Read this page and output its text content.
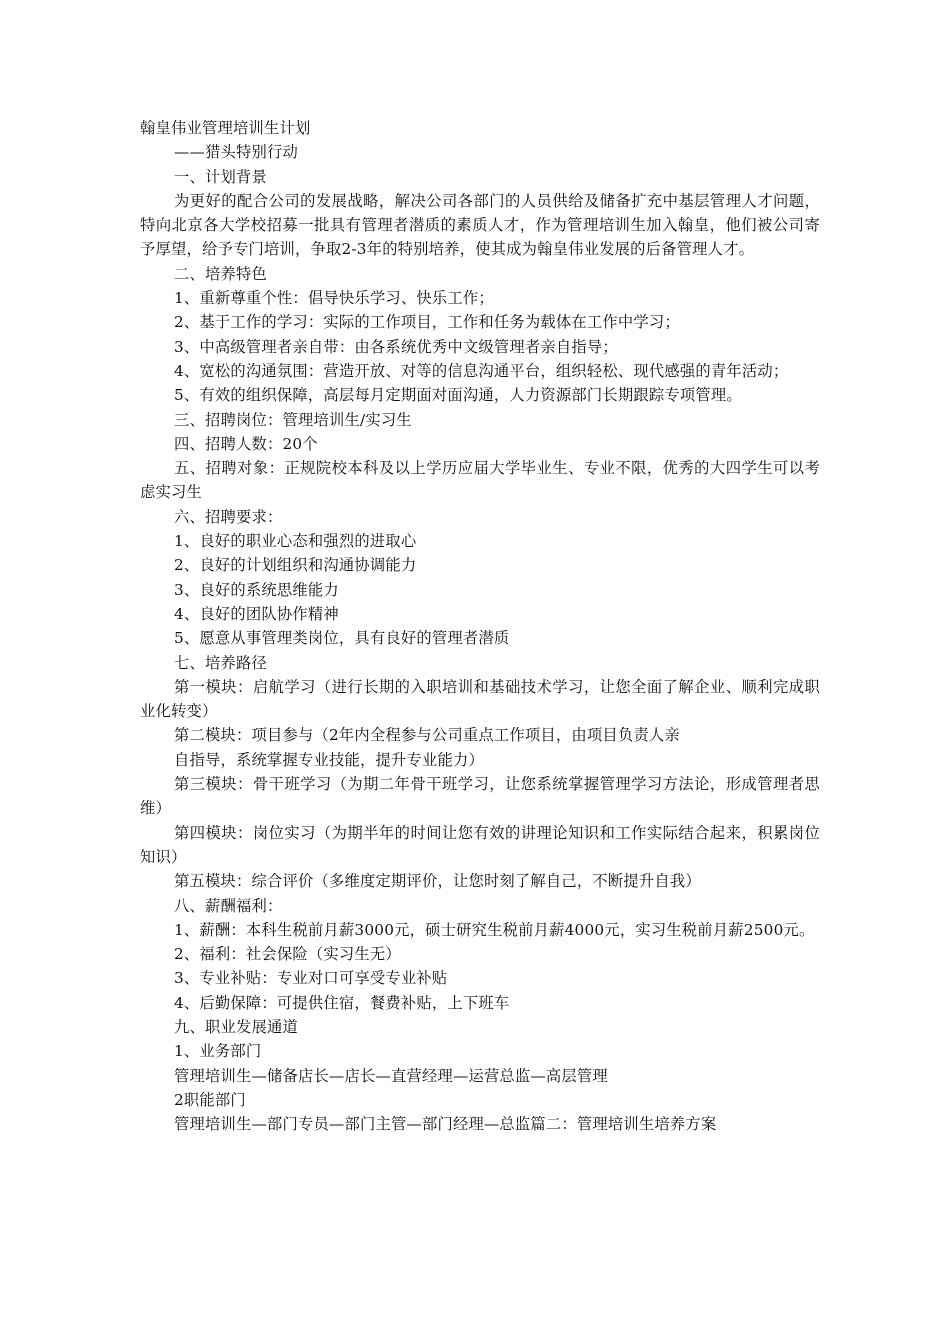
翰皇伟业管理培训生计划
——猎头特别行动
一、计划背景
为更好的配合公司的发展战略，解决公司各部门的人员供给及储备扩充中基层管理人才问题，特向北京各大学校招募一批具有管理者潜质的素质人才，作为管理培训生加入翰皇，他们被公司寄予厚望，给予专门培训，争取2-3年的特别培养，使其成为翰皇伟业发展的后备管理人才。
二、培养特色
1、重新尊重个性：倡导快乐学习、快乐工作；
2、基于工作的学习：实际的工作项目，工作和任务为载体在工作中学习；
3、中高级管理者亲自带：由各系统优秀中文级管理者亲自指导；
4、宽松的沟通氛围：营造开放、对等的信息沟通平台，组织轻松、现代感强的青年活动；
5、有效的组织保障，高层每月定期面对面沟通，人力资源部门长期跟踪专项管理。
三、招聘岗位：管理培训生/实习生
四、招聘人数：20个
五、招聘对象：正规院校本科及以上学历应届大学毕业生、专业不限，优秀的大四学生可以考虑实习生
六、招聘要求：
1、良好的职业心态和强烈的进取心
2、良好的计划组织和沟通协调能力
3、良好的系统思维能力
4、良好的团队协作精神
5、愿意从事管理类岗位，具有良好的管理者潜质
七、培养路径
第一模块：启航学习（进行长期的入职培训和基础技术学习，让您全面了解企业、顺利完成职业化转变）
第二模块：项目参与（2年内全程参与公司重点工作项目，由项目负责人亲
自指导，系统掌握专业技能，提升专业能力）
第三模块：骨干班学习（为期二年骨干班学习，让您系统掌握管理学习方法论，形成管理者思维）
第四模块：岗位实习（为期半年的时间让您有效的讲理论知识和工作实际结合起来，积累岗位知识）
第五模块：综合评价（多维度定期评价，让您时刻了解自己，不断提升自我）
八、薪酬福利：
1、薪酬：本科生税前月薪3000元，硕士研究生税前月薪4000元，实习生税前月薪2500元。
2、福利：社会保险（实习生无）
3、专业补贴：专业对口可享受专业补贴
4、后勤保障：可提供住宿，餐费补贴，上下班车
九、职业发展通道
1、业务部门
管理培训生—储备店长—店长—直营经理—运营总监—高层管理
2职能部门
管理培训生—部门专员—部门主管—部门经理—总监篇二：管理培训生培养方案
